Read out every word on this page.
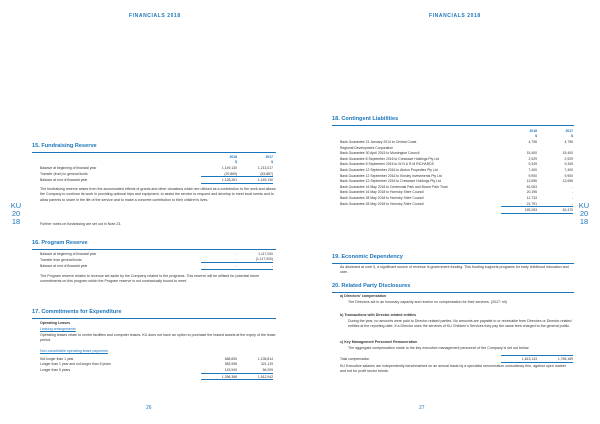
FINANCIALS 2018
KU
20
18
15. Fundraising Reserve
	2018	2017
	$	$
Balance at beginning of financial year	1,149,130	1,213,017
Transfer (from) to general funds	(20,869)	(63,887)
Balance at end of financial year	1,128,261	1,149,130
The fundraising reserve arises from the accumulated effects of grants and other donations which are utilised as a contribution to the work and allows the Company to continue its work in providing optional trips and equipment, to assist the service to respond and develop to meet local needs and to allow parents to share in the life of the service and to make a concrete contribution to their children's lives.
Further notes on fundraising are set out in Note 23.
16. Program Reserve
Balance at beginning of financial year	-	1,117,000
Transfer from general funds	-	(1,117,000)
Balance at end of financial year	-	-
The Program reserve relates to revenue set aside by the Company related to the programs. This reserve will be utilised for potential future commitments on this program which the Program reserve is not contractually bound to meet.
17. Commitments for Expenditure
Operating Leases
Leasing arrangements
Operating leases relate to centre facilities and computer leases. KU does not have an option to purchase the leased assets at the expiry of the lease period.
Non-cancellable operating lease payments
Not longer than 1 year	668,830	1,135,814
Longer than 1 year and not longer than 5 years	583,598	321,119
Longer than 5 years	143,940	56,009
	1,396,368	1,512,942
26
FINANCIALS 2018
KU
20
18
18. Contingent Liabilities
	2018	2017
	$	$
Bank Guarantee 21 January 2014 to Central Coast	4,796	4,796
Regional Development Corporation		
Bank Guarantee 30 April 2015 to Mornington Council	15,400	15,400
Bank Guarantee 8 September 2016 to Creswave Holdings Pty Ltd	2,929	2,929
Bank Guarantee 8 September 2016 to W N & R M RICHARDS	9,349	9,349
Bank Guarantee 12 September 2016 to Abdon Properties Pty Ltd	7,400	7,400
Bank Guarantee 12 September 2016 to Kinsley Investments Pty Ltd	9,900	9,900
Bank Guarantee 12 September 2016 to Creswave Holdings Pty Ltd	12,696	12,696
Bank Guarantee 16 May 2018 to Centennial Park and Moore Park Trust	62,063	-
Bank Guarantee 16 May 2018 to Hornsby Shire Council	20,196	-
Bank Guarantee 28 May 2018 to Hornsby Shire Council	12,733	-
Bank Guarantee 28 May 2018 to Hornsby Shire Council	21,791	-
	159,253	62,470
19. Economic Dependency
As disclosed at note 5, a significant source of revenue is government funding. This funding supports programs for early childhood education and care.
20. Related Party Disclosures
a) Directors' compensation
The Directors act in an honorary capacity and receive no compensation for their services. (2017: nil)
b) Transactions with Director-related entities
During the year, no amounts were paid to Director-related parties. No amounts are payable to or receivable from Directors or Director-related entities at the reporting date. If a Director uses the services of KU Children's Services they pay the same fees charged to the general public.
c) Key Management Personnel Remuneration
The aggregate compensation made to the key executive management personnel of the Company is set out below:
Total compensation	1,813,143	1,765,169
KU Executive salaries are independently benchmarked on an annual basis by a specialist remuneration consultancy firm, against open market and not for profit sector trends.
27
